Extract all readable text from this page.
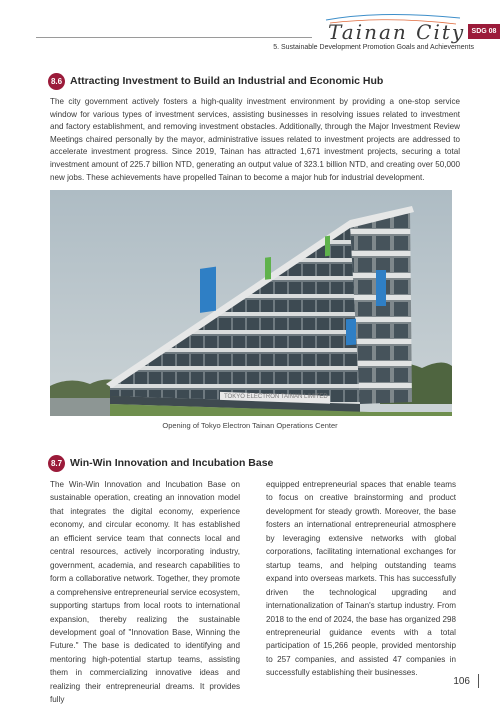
Tainan City SDG 08
5. Sustainable Development Promotion Goals and Achievements
8.6 Attracting Investment to Build an Industrial and Economic Hub

The city government actively fosters a high-quality investment environment by providing a one-stop service window for various types of investment services, assisting businesses in resolving issues related to investment and factory establishment, and removing investment obstacles. Additionally, through the Major Investment Review Meetings chaired personally by the mayor, administrative issues related to investment projects are addressed to accelerate investment progress. Since 2019, Tainan has attracted 1,671 investment projects, securing a total investment amount of 225.7 billion NTD, generating an output value of 323.1 billion NTD, and creating over 50,000 new jobs. These achievements have propelled Tainan to become a major hub for industrial development.

TOKYO ELECTRON TAINAN LIMITED
Opening of Tokyo Electron Tainan Operations Center
8.7 Win-Win Innovation and Incubation Base
The Win-Win Innovation and Incubation Base on sustainable operation, creating an innovation model that integrates the digital economy, experience economy, and circular economy. It has established an efficient service team that connects local and central resources, actively incorporating industry, government, academia, and research capabilities to form a collaborative network. Together, they promote a comprehensive entrepreneurial service ecosystem, supporting startups from local roots to international expansion, thereby realizing the sustainable development goal of "Innovation Base, Winning the Future." The base is dedicated to identifying and mentoring high-potential startup teams, assisting them in commercializing innovative ideas and realizing their entrepreneurial dreams. It provides fully
equipped entrepreneurial spaces that enable teams to focus on creative brainstorming and product development for steady growth. Moreover, the base fosters an international entrepreneurial atmosphere by leveraging extensive networks with global corporations, facilitating international exchanges for startup teams, and helping outstanding teams expand into overseas markets. This has successfully driven the technological upgrading and internationalization of Tainan's startup industry. From 2018 to the end of 2024, the base has organized 298 entrepreneurial guidance events with a total participation of 15,266 people, provided mentorship to 257 companies, and assisted 47 companies in successfully establishing their businesses.
106
